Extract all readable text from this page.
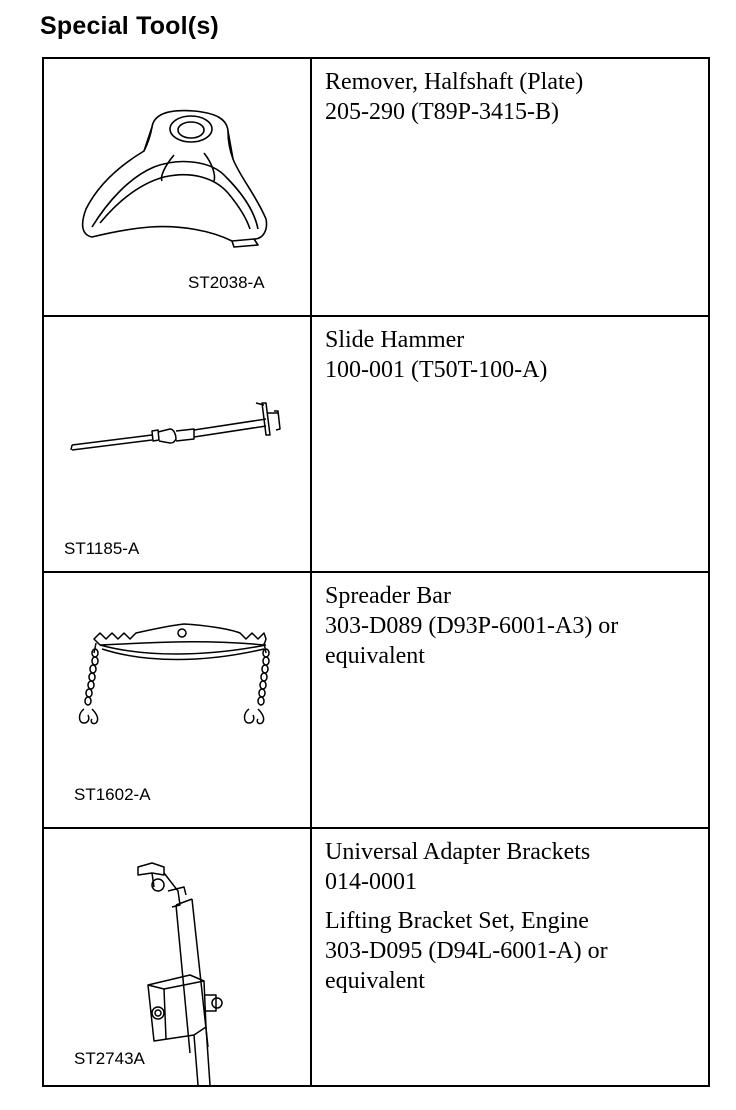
Special Tool(s)
ST2038-A
Remover, Halfshaft (Plate)
205-290 (T89P-3415-B)
ST1185-A
Slide Hammer
100-001 (T50T-100-A)
ST1602-A
Spreader Bar
303-D089 (D93P-6001-A3) or
equivalent
ST2743A
Universal Adapter Brackets
014-0001
Lifting Bracket Set, Engine
303-D095 (D94L-6001-A) or
equivalent
